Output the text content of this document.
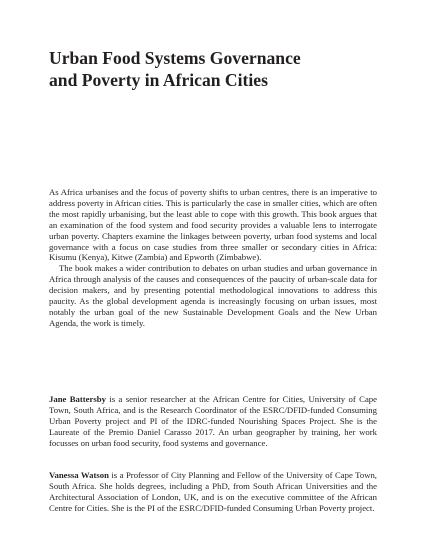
Urban Food Systems Governance
and Poverty in African Cities

As Africa urbanises and the focus of poverty shifts to urban centres, there is an imperative to address poverty in African cities. This is particularly the case in smaller cities, which are often the most rapidly urbanising, but the least able to cope with this growth. This book argues that an examination of the food system and food security provides a valuable lens to interrogate urban poverty. Chapters examine the linkages between poverty, urban food systems and local governance with a focus on case studies from three smaller or secondary cities in Africa: Kisumu (Kenya), Kitwe (Zambia) and Epworth (Zimbabwe).

The book makes a wider contribution to debates on urban studies and urban governance in Africa through analysis of the causes and consequences of the paucity of urban-scale data for decision makers, and by presenting potential methodological innovations to address this paucity. As the global development agenda is increasingly focusing on urban issues, most notably the urban goal of the new Sustainable Development Goals and the New Urban Agenda, the work is timely.

Jane Battersby is a senior researcher at the African Centre for Cities, University of Cape Town, South Africa, and is the Research Coordinator of the ESRC/DFID-funded Consuming Urban Poverty project and PI of the IDRC-funded Nourishing Spaces Project. She is the Laureate of the Premio Daniel Carasso 2017. An urban geographer by training, her work focusses on urban food security, food systems and governance.

Vanessa Watson is a Professor of City Planning and Fellow of the University of Cape Town, South Africa. She holds degrees, including a PhD, from South African Universities and the Architectural Association of London, UK, and is on the executive committee of the African Centre for Cities. She is the PI of the ESRC/DFID-funded Consuming Urban Poverty project.
